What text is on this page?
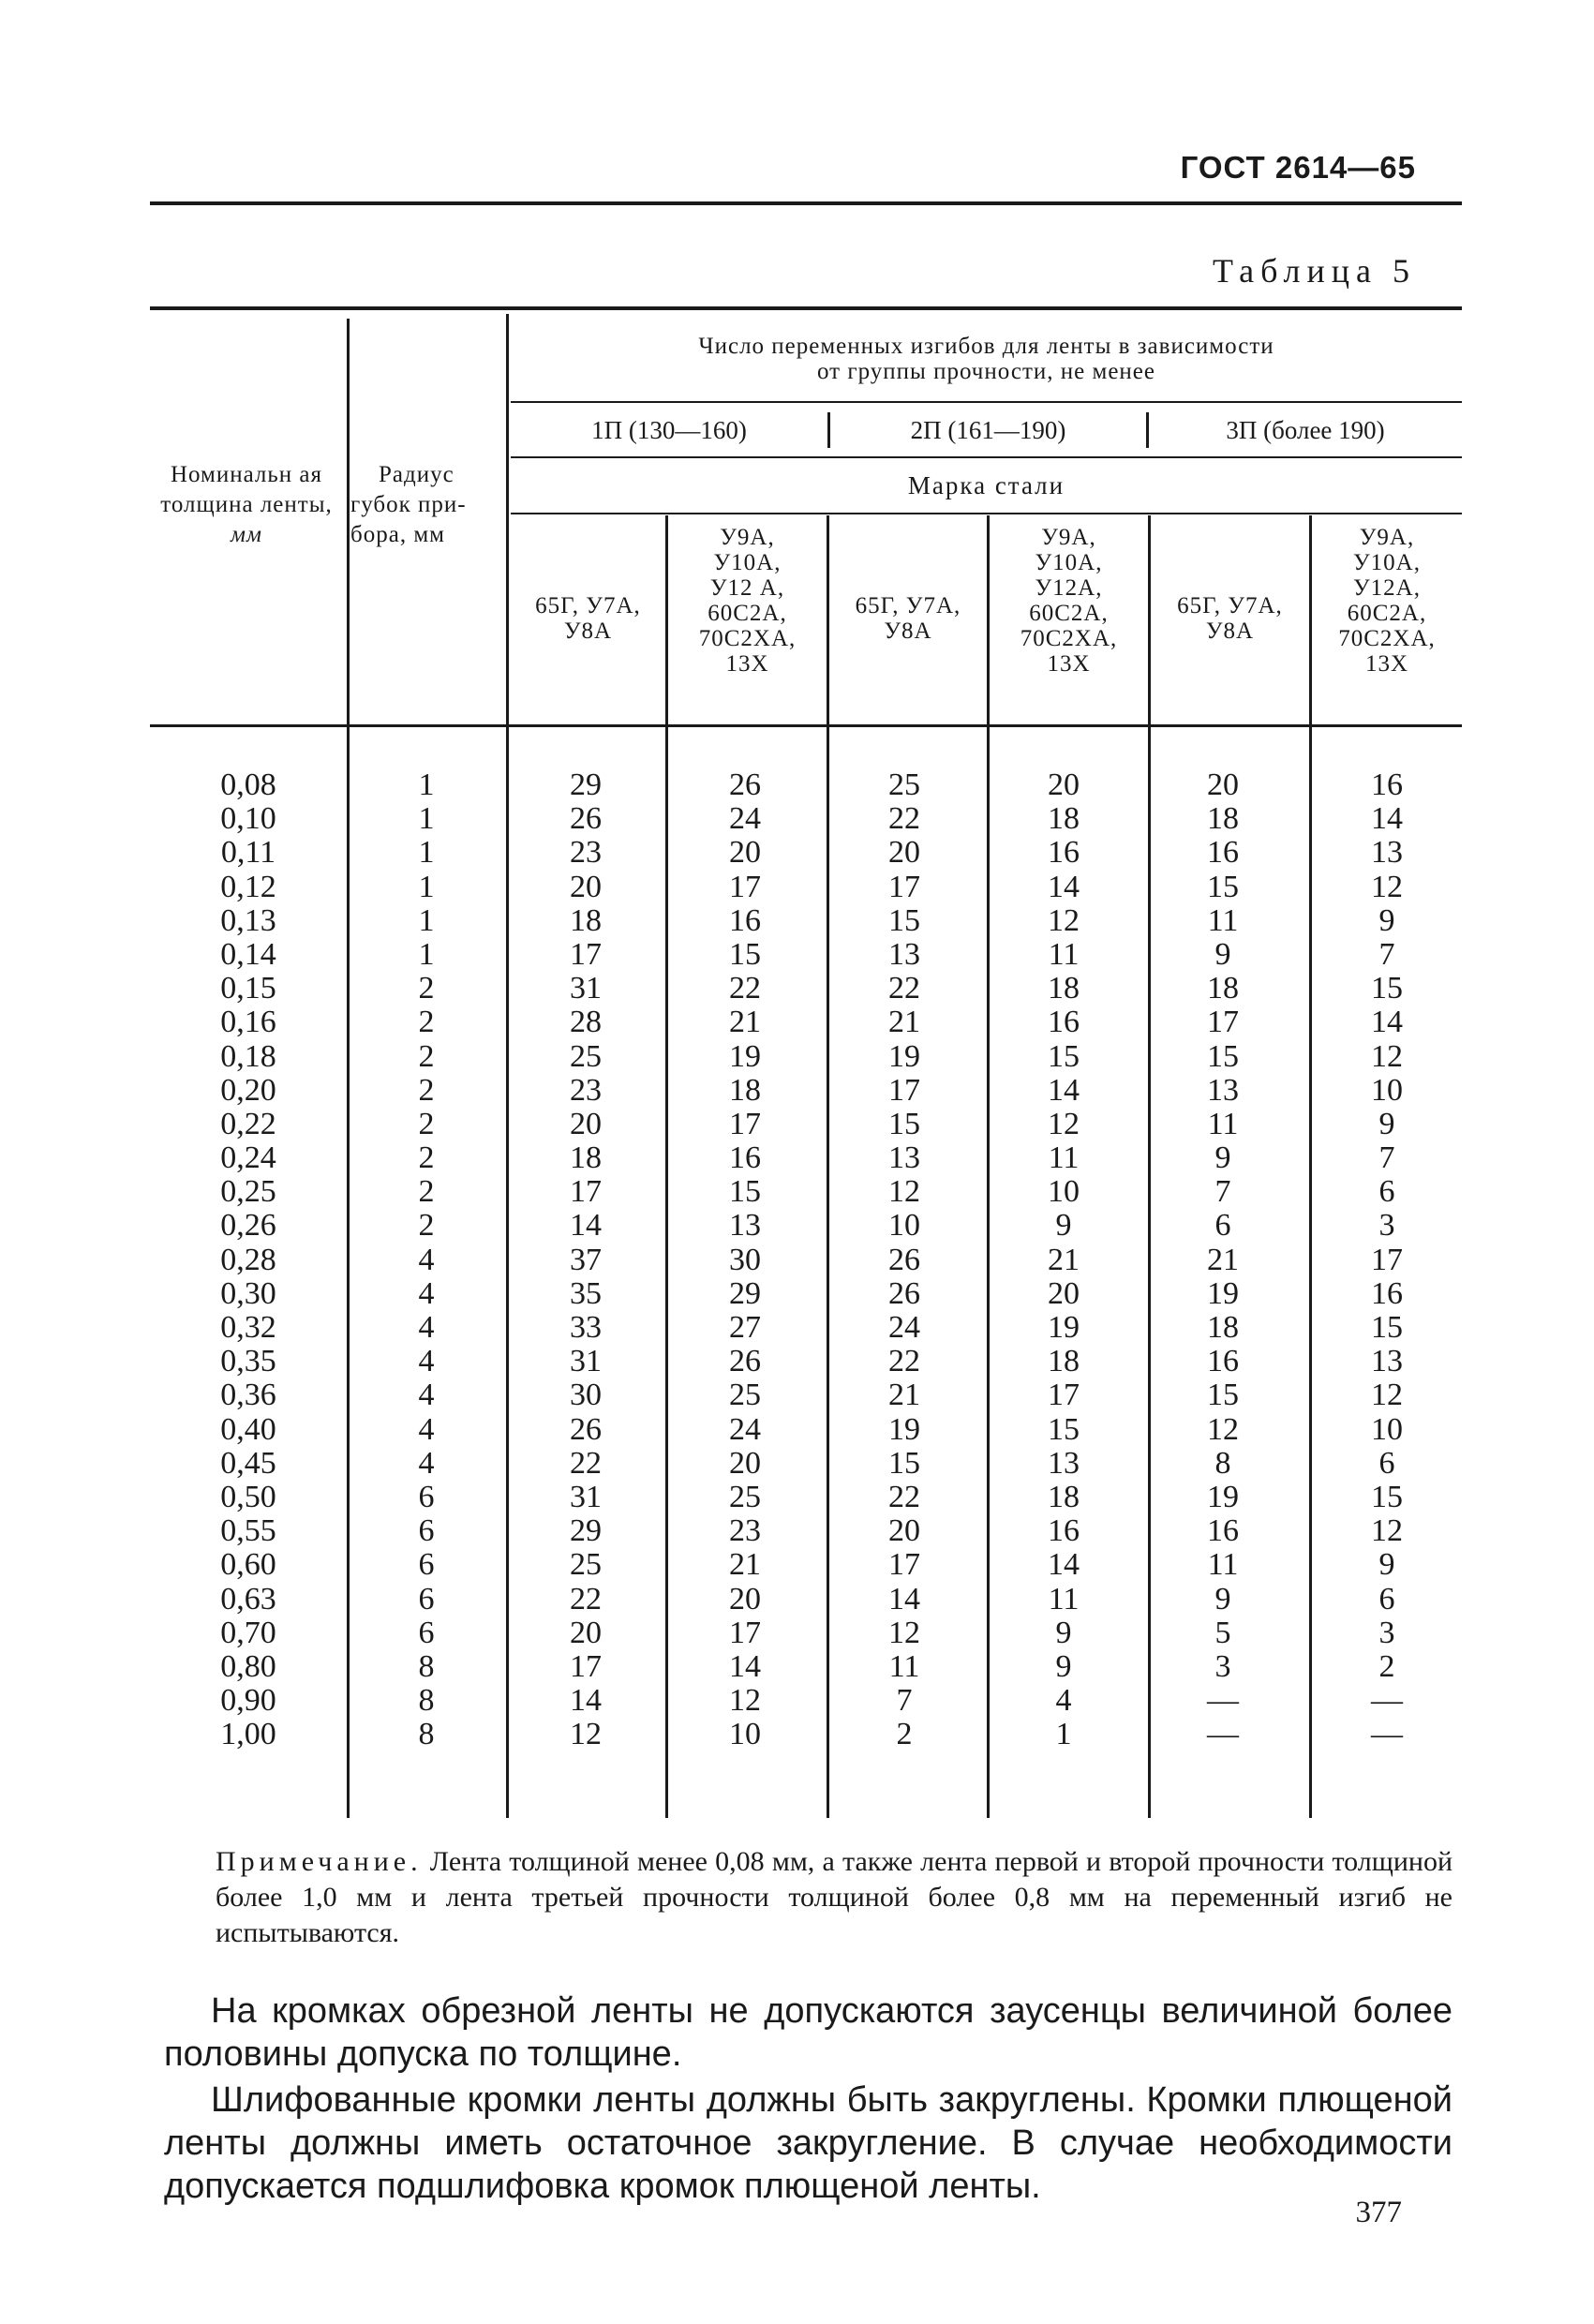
ГОСТ 2614—65
Таблица 5
Номинальн ая
толщина ленты,
мм
Радиус
губок при-
бора, мм
Число переменных изгибов для ленты в зависимости
от группы прочности, не менее
1П (130—160)	2П (161—190)	3П (более 190)
Марка стали
65Г, У7А,
У8А
У9А,
У10А,
У12 А,
60С2А,
70С2ХА,
13Х
65Г, У7А,
У8А
У9А,
У10А,
У12А,
60С2А,
70С2ХА,
13Х
65Г, У7А,
У8А
У9А,
У10А,
У12А,
60С2А,
70С2ХА,
13Х
0,08
0,10
0,11
0,12
0,13
0,14
0,15
0,16
0,18
0,20
0,22
0,24
0,25
0,26
0,28
0,30
0,32
0,35
0,36
0,40
0,45
0,50
0,55
0,60
0,63
0,70
0,80
0,90
1,00
1
1
1
1
1
1
2
2
2
2
2
2
2
2
4
4
4
4
4
4
4
6
6
6
6
6
8
8
8
29
26
23
20
18
17
31
28
25
23
20
18
17
14
37
35
33
31
30
26
22
31
29
25
22
20
17
14
12
26
24
20
17
16
15
22
21
19
18
17
16
15
13
30
29
27
26
25
24
20
25
23
21
20
17
14
12
10
25
22
20
17
15
13
22
21
19
17
15
13
12
10
26
26
24
22
21
19
15
22
20
17
14
12
11
7
2
20
18
16
14
12
11
18
16
15
14
12
11
10
9
21
20
19
18
17
15
13
18
16
14
11
9
9
4
1
20
18
16
15
11
9
18
17
15
13
11
9
7
6
21
19
18
16
15
12
8
19
16
11
9
5
3
—
—
16
14
13
12
9
7
15
14
12
10
9
7
6
3
17
16
15
13
12
10
6
15
12
9
6
3
2
—
—
Примечание. Лента толщиной менее 0,08 мм, а также лента первой и второй прочности толщиной более 1,0 мм и лента третьей прочности толщиной более 0,8 мм на переменный изгиб не испытываются.
На кромках обрезной ленты не допускаются заусенцы величиной более половины допуска по толщине.
Шлифованные кромки ленты должны быть закруглены. Кромки плющеной ленты должны иметь остаточное закругление. В случае необходимости допускается подшлифовка кромок плющеной ленты.
377
